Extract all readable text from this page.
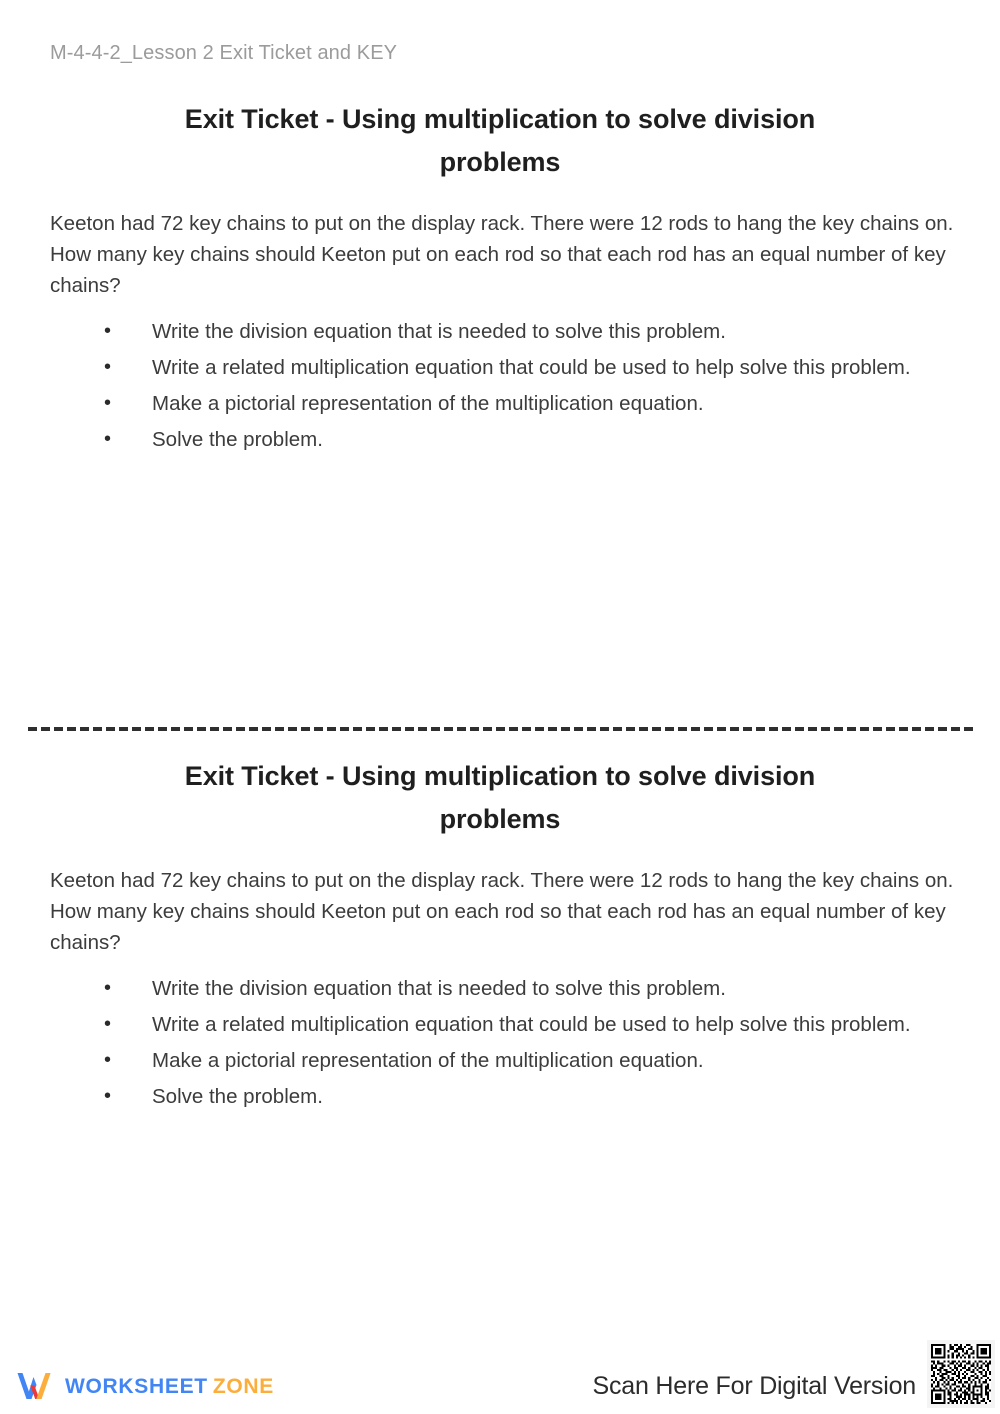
M-4-4-2_Lesson 2 Exit Ticket and KEY
Exit Ticket - Using multiplication to solve division problems
Keeton had 72 key chains to put on the display rack. There were 12 rods to hang the key chains on. How many key chains should Keeton put on each rod so that each rod has an equal number of key chains?
• Write the division equation that is needed to solve this problem.
• Write a related multiplication equation that could be used to help solve this problem.
• Make a pictorial representation of the multiplication equation.
• Solve the problem.
Exit Ticket - Using multiplication to solve division problems
Keeton had 72 key chains to put on the display rack. There were 12 rods to hang the key chains on. How many key chains should Keeton put on each rod so that each rod has an equal number of key chains?
• Write the division equation that is needed to solve this problem.
• Write a related multiplication equation that could be used to help solve this problem.
• Make a pictorial representation of the multiplication equation.
• Solve the problem.
WORKSHEET ZONE	Scan Here For Digital Version
